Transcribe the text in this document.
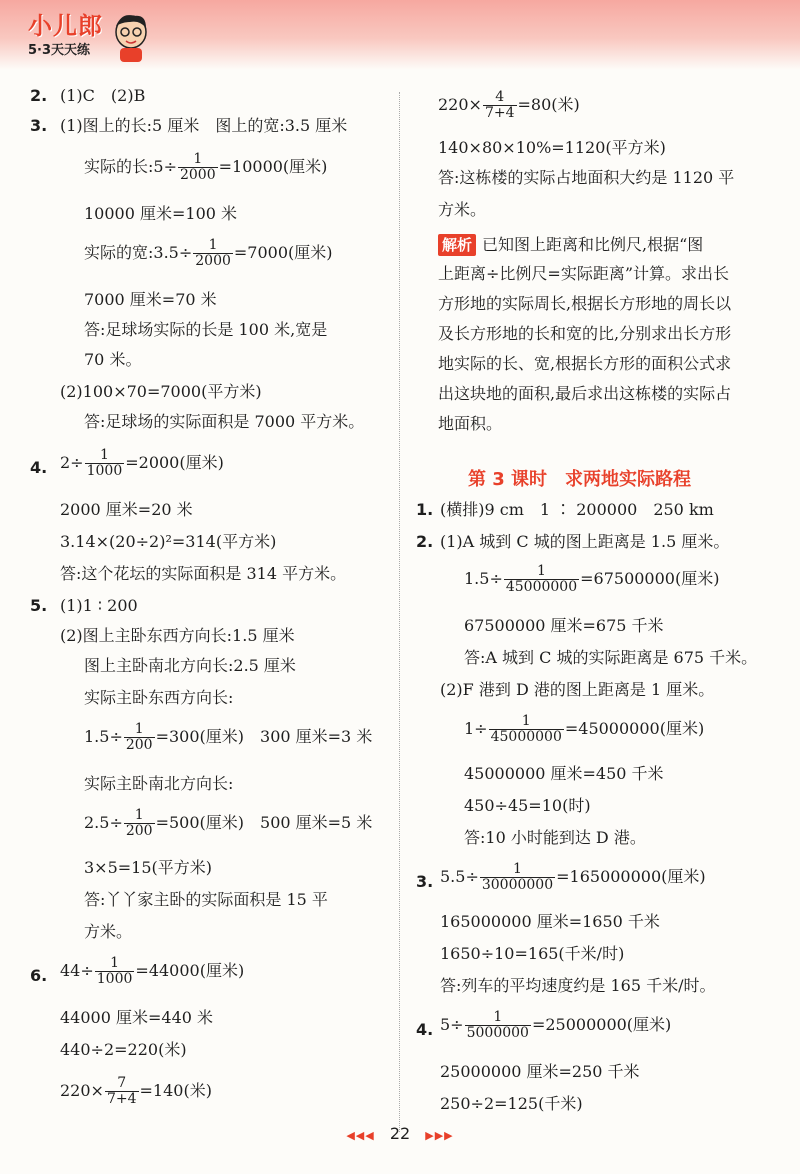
小儿郎
5·3天天练
2. (1)C　(2)B
3. (1)图上的长:5 厘米　图上的宽:3.5 厘米
实际的长:5÷ $\frac{1}{2000} =10000$(厘米)
10000 厘米=100 米
实际的宽:3.5÷ $\frac{1}{2000} =7000$(厘米)
7000 厘米=70 米
答:足球场实际的长是 100 米,宽是
70 米。
(2)100×70=7000(平方米)
答:足球场的实际面积是 7000 平方米。
4. $2\div \frac{1}{1000} =2000$(厘米)
2000 厘米=20 米
3.14×(20÷2)²=314(平方米)
答:这个花坛的实际面积是 314 平方米。
5. (1)1 ∶ 200
(2)图上主卧东西方向长:1.5 厘米
图上主卧南北方向长:2.5 厘米
实际主卧东西方向长:
$1.5\div \frac{1}{200} =300$(厘米)　300 厘米=3 米
实际主卧南北方向长:
$2.5\div \frac{1}{200} =500$(厘米)　500 厘米=5 米
3×5=15(平方米)
答:丫丫家主卧的实际面积是 15 平
方米。
6. $44\div \frac{1}{1000} =44000$(厘米)
44000 厘米=440 米
440÷2=220(米)
$220\times \frac{7}{7+4} =140$(米)
$220\times \frac{4}{7+4} =80$(米)
140×80×10%=1120(平方米)
答:这栋楼的实际占地面积大约是 1120 平
方米。
解析 已知图上距离和比例尺,根据“图
上距离÷比例尺=实际距离”计算。求出长
方形地的实际周长,根据长方形地的周长以
及长方形地的长和宽的比,分别求出长方形
地实际的长、宽,根据长方形的面积公式求
出这块地的面积,最后求出这栋楼的实际占
地面积。
1. (横排)9 cm　1 ∶ 200000　250 km
2. (1)A 城到 C 城的图上距离是 1.5 厘米。
$1.5\div \frac{1}{45000000} =67500000$(厘米)
67500000 厘米=675 千米
答:A 城到 C 城的实际距离是 675 千米。
(2)F 港到 D 港的图上距离是 1 厘米。
$1\div \frac{1}{45000000} =45000000$(厘米)
45000000 厘米=450 千米
450÷45=10(时)
答:10 小时能到达 D 港。
3. $5.5\div \frac{1}{30000000} =165000000$(厘米)
165000000 厘米=1650 千米
1650÷10=165(千米/时)
答:列车的平均速度约是 165 千米/时。
4. $5\div \frac{1}{5000000} =25000000$(厘米)
25000000 厘米=250 千米
250÷2=125(千米)
第 3 课时　求两地实际路程
◀◀◀ 22 ▶▶▶
